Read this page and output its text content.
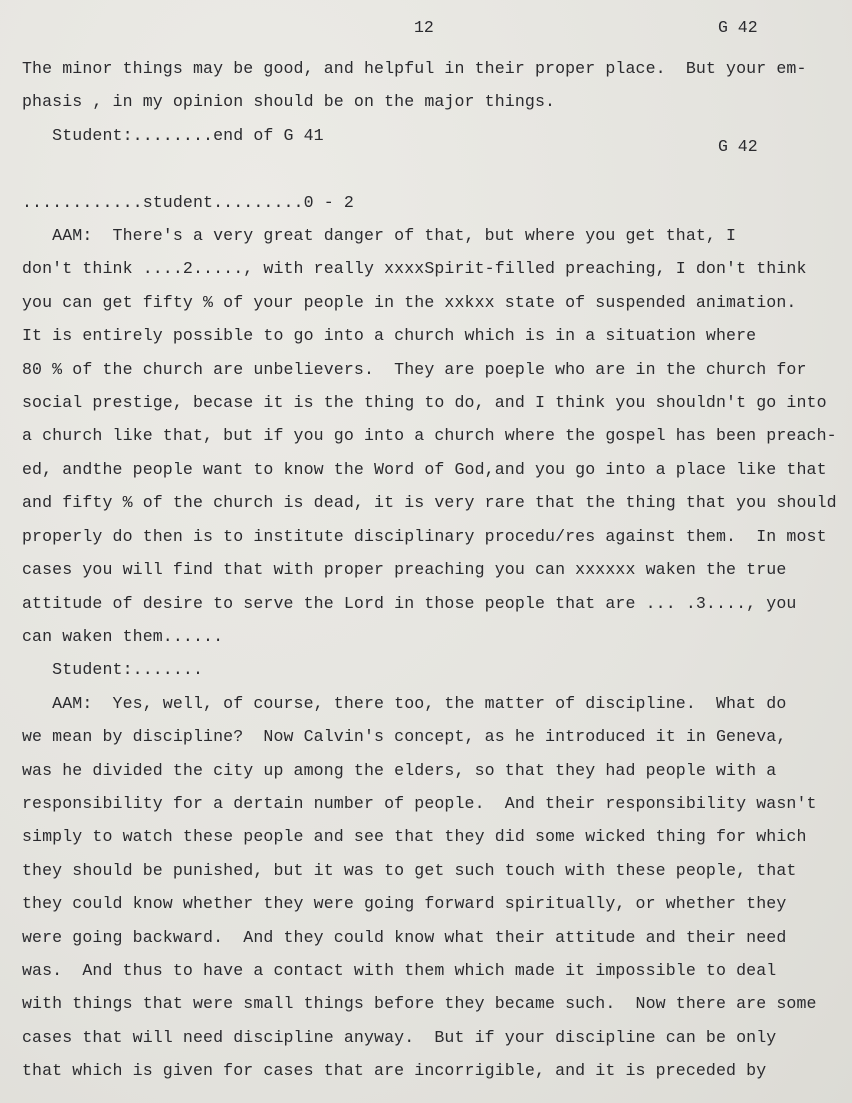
12	G 42
G 42
The minor things may be good, and helpful in their proper place.  But your em-
phasis , in my opinion should be on the major things.
Student:........end of G 41
............student.........0 - 2
AAM:  There's a very great danger of that, but where you get that, I
don't think ....2....., with really xxxxSpirit-filled preaching, I don't think
you can get fifty % of your people in the xxkxx state of suspended animation.
It is entirely possible to go into a church which is in a situation where
80 % of the church are unbelievers.  They are poeple who are in the church for
social prestige, becase it is the thing to do, and I think you shouldn't go into
a church like that, but if you go into a church where the gospel has been preach-
ed, andthe people want to know the Word of God,and you go into a place like that
and fifty % of the church is dead, it is very rare that the thing that you should
properly do then is to institute disciplinary procedu/res against them.  In most
cases you will find that with proper preaching you can xxxxxx waken the true
attitude of desire to serve the Lord in those people that are ... .3...., you
can waken them......
Student:.......
AAM:  Yes, well, of course, there too, the matter of discipline.  What do
we mean by discipline?  Now Calvin's concept, as he introduced it in Geneva,
was he divided the city up among the elders, so that they had people with a
responsibility for a dertain number of people.  And their responsibility wasn't
simply to watch these people and see that they did some wicked thing for which
they should be punished, but it was to get such touch with these people, that
they could know whether they were going forward spiritually, or whether they
were going backward.  And they could know what their attitude and their need
was.  And thus to have a contact with them which made it impossible to deal
with things that were small things before they became such.  Now there are some
cases that will need discipline anyway.  But if your discipline can be only
that which is given for cases that are incorrigible, and it is preceded by
